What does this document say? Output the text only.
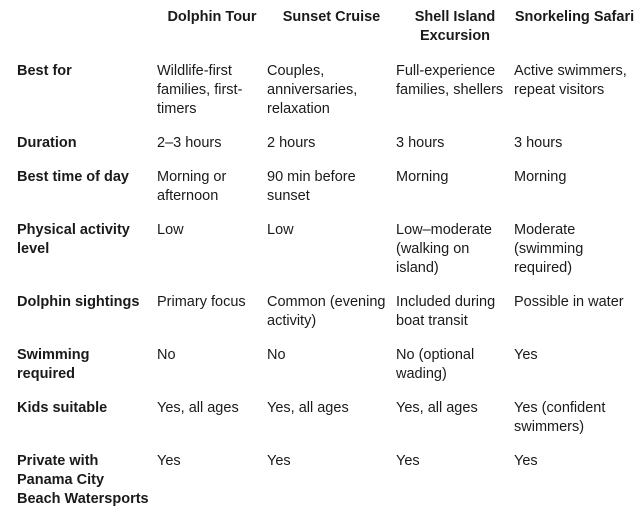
	Dolphin Tour	Sunset Cruise	Shell Island Excursion	Snorkeling Safari
Best for	Wildlife-first families, first-timers	Couples, anniversaries, relaxation	Full-experience families, shellers	Active swimmers, repeat visitors
Duration	2–3 hours	2 hours	3 hours	3 hours
Best time of day	Morning or afternoon	90 min before sunset	Morning	Morning
Physical activity level	Low	Low	Low–moderate (walking on island)	Moderate (swimming required)
Dolphin sightings	Primary focus	Common (evening activity)	Included during boat transit	Possible in water
Swimming required	No	No	No (optional wading)	Yes
Kids suitable	Yes, all ages	Yes, all ages	Yes, all ages	Yes (confident swimmers)
Private with Panama City Beach Watersports	Yes	Yes	Yes	Yes
